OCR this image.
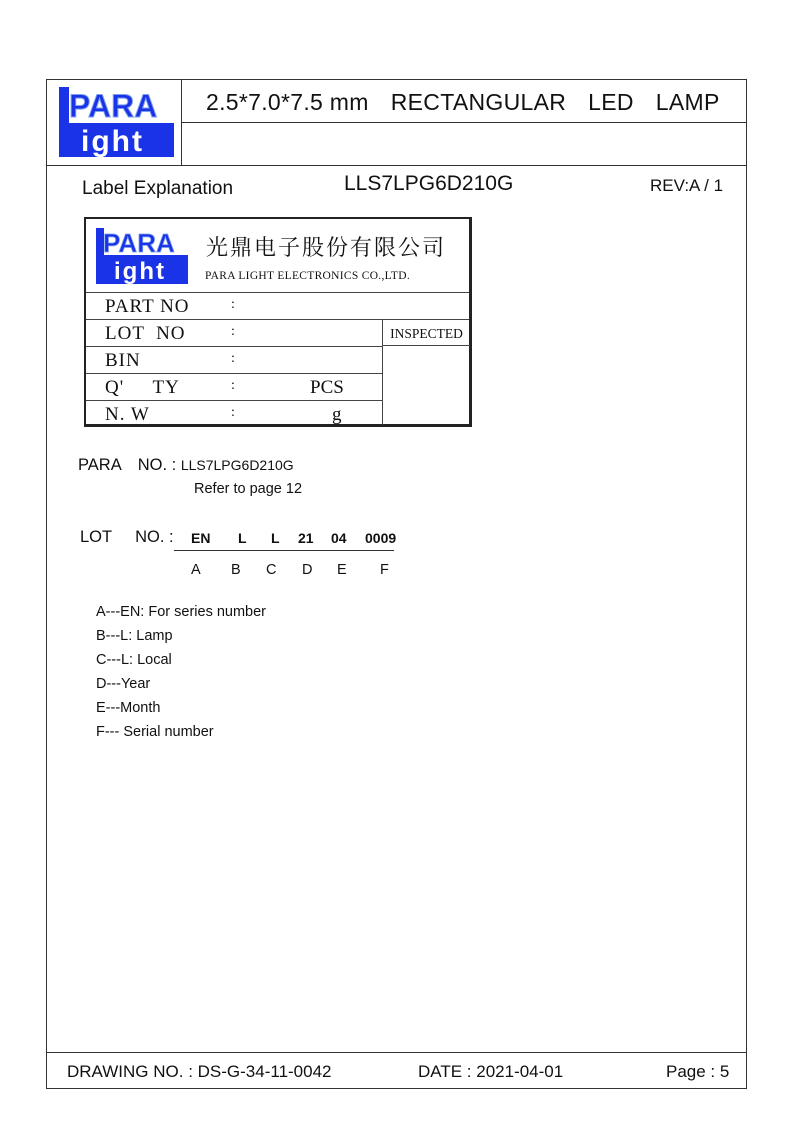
2.5*7.0*7.5 mm RECTANGULAR LED LAMP
LLS7LPG6D210G	REV:A / 1
PARA
ight
DRAWING NO. : DS-G-34-11-0042	DATE : 2021-04-01	Page : 5
Label Explanation
PARA
ight
光鼎电子股份有限公司
PARA LIGHT ELECTRONICS CO.,LTD.
PART NO	:
LOT  NO	:
BIN	:
Q'     TY	:	PCS
N. W	:	g
INSPECTED
PARA NO. : LLS7LPG6D210G
Refer to page 12
LOT NO. : EN L L 21 04 0009
A B C D E F
A---EN: For series number
B---L: Lamp
C---L: Local
D---Year
E---Month
F--- Serial number
